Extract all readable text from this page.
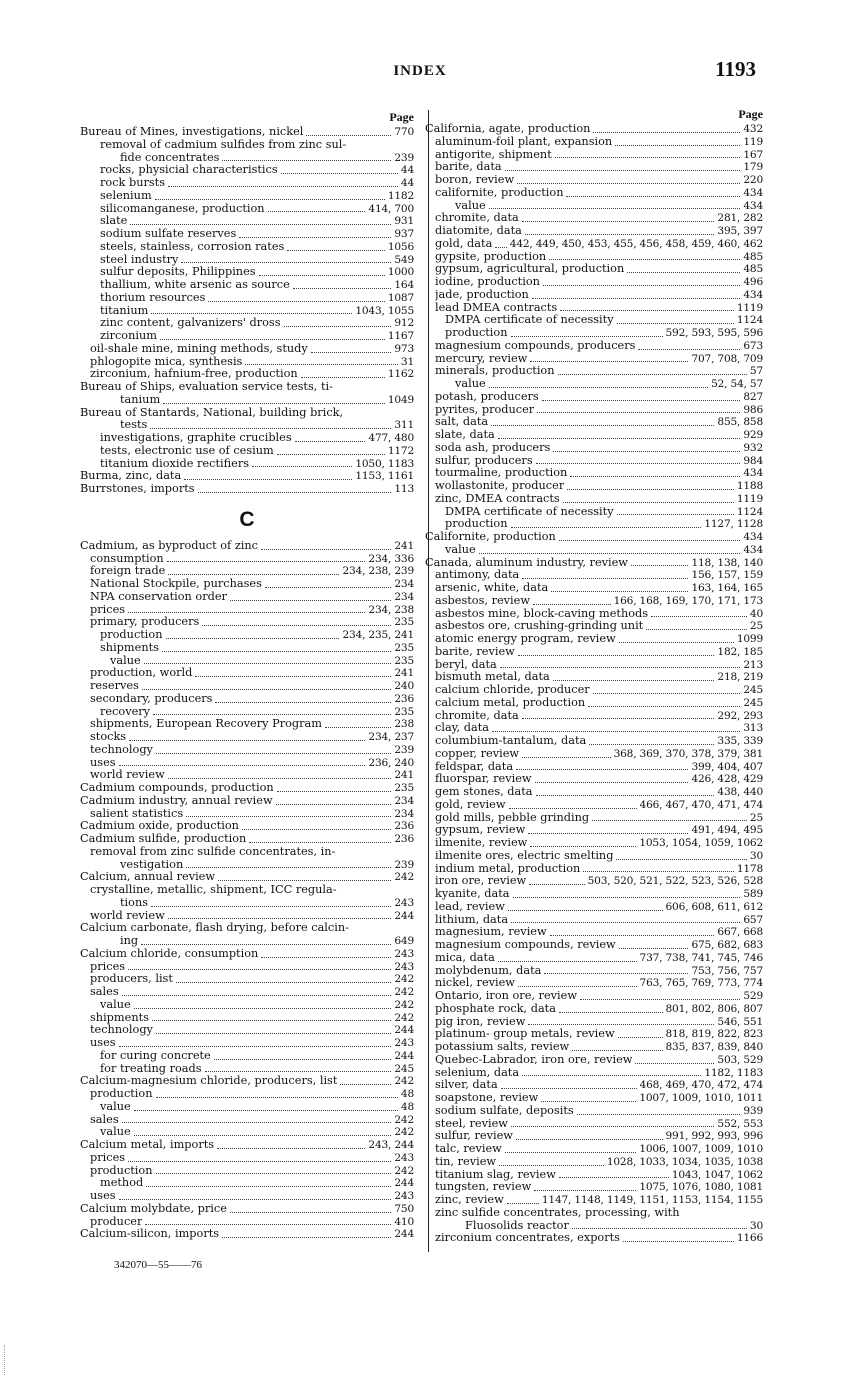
INDEX	1193
Page
Bureau of Mines, investigations, nickel	770
removal of cadmium sulfides from zinc sul-
fide concentrates	239
rocks, physicial characteristics	44
rock bursts	44
selenium	1182
silicomanganese, production	414, 700
slate	931
sodium sulfate reserves	937
steels, stainless, corrosion rates	1056
steel industry	549
sulfur deposits, Philippines	1000
thallium, white arsenic as source	164
thorium resources	1087
titanium	1043, 1055
zinc content, galvanizers' dross	912
zirconium	1167
oil-shale mine, mining methods, study	973
phlogopite mica, synthesis	31
zirconium, hafnium-free, production	1162
Bureau of Ships, evaluation service tests, ti-
tanium	1049
Bureau of Stantards, National, building brick,
tests	311
investigations, graphite crucibles	477, 480
tests, electronic use of cesium	1172
titanium dioxide rectifiers	1050, 1183
Burma, zinc, data	1153, 1161
Burrstones, imports	113
C
Cadmium, as byproduct of zinc	241
consumption	234, 336
foreign trade	234, 238, 239
National Stockpile, purchases	234
NPA conservation order	234
prices	234, 238
primary, producers	235
production	234, 235, 241
shipments	235
value	235
production, world	241
reserves	240
secondary, producers	236
recovery	235
shipments, European Recovery Program	238
stocks	234, 237
technology	239
uses	236, 240
world review	241
Cadmium compounds, production	235
Cadmium industry, annual review	234
salient statistics	234
Cadmium oxide, production	236
Cadmium sulfide, production	236
removal from zinc sulfide concentrates, in-
vestigation	239
Calcium, annual review	242
crystalline, metallic, shipment, ICC regula-
tions	243
world review	244
Calcium carbonate, flash drying, before calcin-
ing	649
Calcium chloride, consumption	243
prices	243
producers, list	242
sales	242
value	242
shipments	242
technology	244
uses	243
for curing concrete	244
for treating roads	245
Calcium-magnesium chloride, producers, list	242
production	48
value	48
sales	242
value	242
Calcium metal, imports	243, 244
prices	243
production	242
method	244
uses	243
Calcium molybdate, price	750
producer	410
Calcium-silicon, imports	244
Page
California, agate, production	432
aluminum-foil plant, expansion	119
antigorite, shipment	167
barite, data	179
boron, review	220
californite, production	434
value	434
chromite, data	281, 282
diatomite, data	395, 397
gold, data 442, 449, 450, 453, 455, 456, 458, 459, 460, 462
gypsite, production	485
gypsum, agricultural, production	485
iodine, production	496
jade, production	434
lead DMEA contracts	1119
DMPA certificate of necessity	1124
production	592, 593, 595, 596
magnesium compounds, producers	673
mercury, review	707, 708, 709
minerals, production	57
value	52, 54, 57
potash, producers	827
pyrites, producer	986
salt, data	855, 858
slate, data	929
soda ash, producers	932
sulfur, producers	984
tourmaline, production	434
wollastonite, producer	1188
zinc, DMEA contracts	1119
DMPA certificate of necessity	1124
production	1127, 1128
Californite, production	434
value	434
Canada, aluminum industry, review	118, 138, 140
antimony, data	156, 157, 159
arsenic, white, data	163, 164, 165
asbestos, review	166, 168, 169, 170, 171, 173
asbestos mine, block-caving methods	40
asbestos ore, crushing-grinding unit	25
atomic energy program, review	1099
barite, review	182, 185
beryl, data	213
bismuth metal, data	218, 219
calcium chloride, producer	245
calcium metal, production	245
chromite, data	292, 293
clay, data	313
columbium-tantalum, data	335, 339
copper, review	368, 369, 370, 378, 379, 381
feldspar, data	399, 404, 407
fluorspar, review	426, 428, 429
gem stones, data	438, 440
gold, review	466, 467, 470, 471, 474
gold mills, pebble grinding	25
gypsum, review	491, 494, 495
ilmenite, review	1053, 1054, 1059, 1062
ilmenite ores, electric smelting	30
indium metal, production	1178
iron ore, review	503, 520, 521, 522, 523, 526, 528
kyanite, data	589
lead, review	606, 608, 611, 612
lithium, data	657
magnesium, review	667, 668
magnesium compounds, review	675, 682, 683
mica, data	737, 738, 741, 745, 746
molybdenum, data	753, 756, 757
nickel, review	763, 765, 769, 773, 774
Ontario, iron ore, review	529
phosphate rock, data	801, 802, 806, 807
pig iron, review	546, 551
platinum- group metals, review	818, 819, 822, 823
potassium salts, review	835, 837, 839, 840
Quebec-Labrador, iron ore, review	503, 529
selenium, data	1182, 1183
silver, data	468, 469, 470, 472, 474
soapstone, review	1007, 1009, 1010, 1011
sodium sulfate, deposits	939
steel, review	552, 553
sulfur, review	991, 992, 993, 996
talc, review	1006, 1007, 1009, 1010
tin, review	1028, 1033, 1034, 1035, 1038
titanium slag, review	1043, 1047, 1062
tungsten, review	1075, 1076, 1080, 1081
zinc, review	1147, 1148, 1149, 1151, 1153, 1154, 1155
zinc sulfide concentrates, processing, with
Fluosolids reactor	30
zirconium concentrates, exports	1166
342070—55——76
